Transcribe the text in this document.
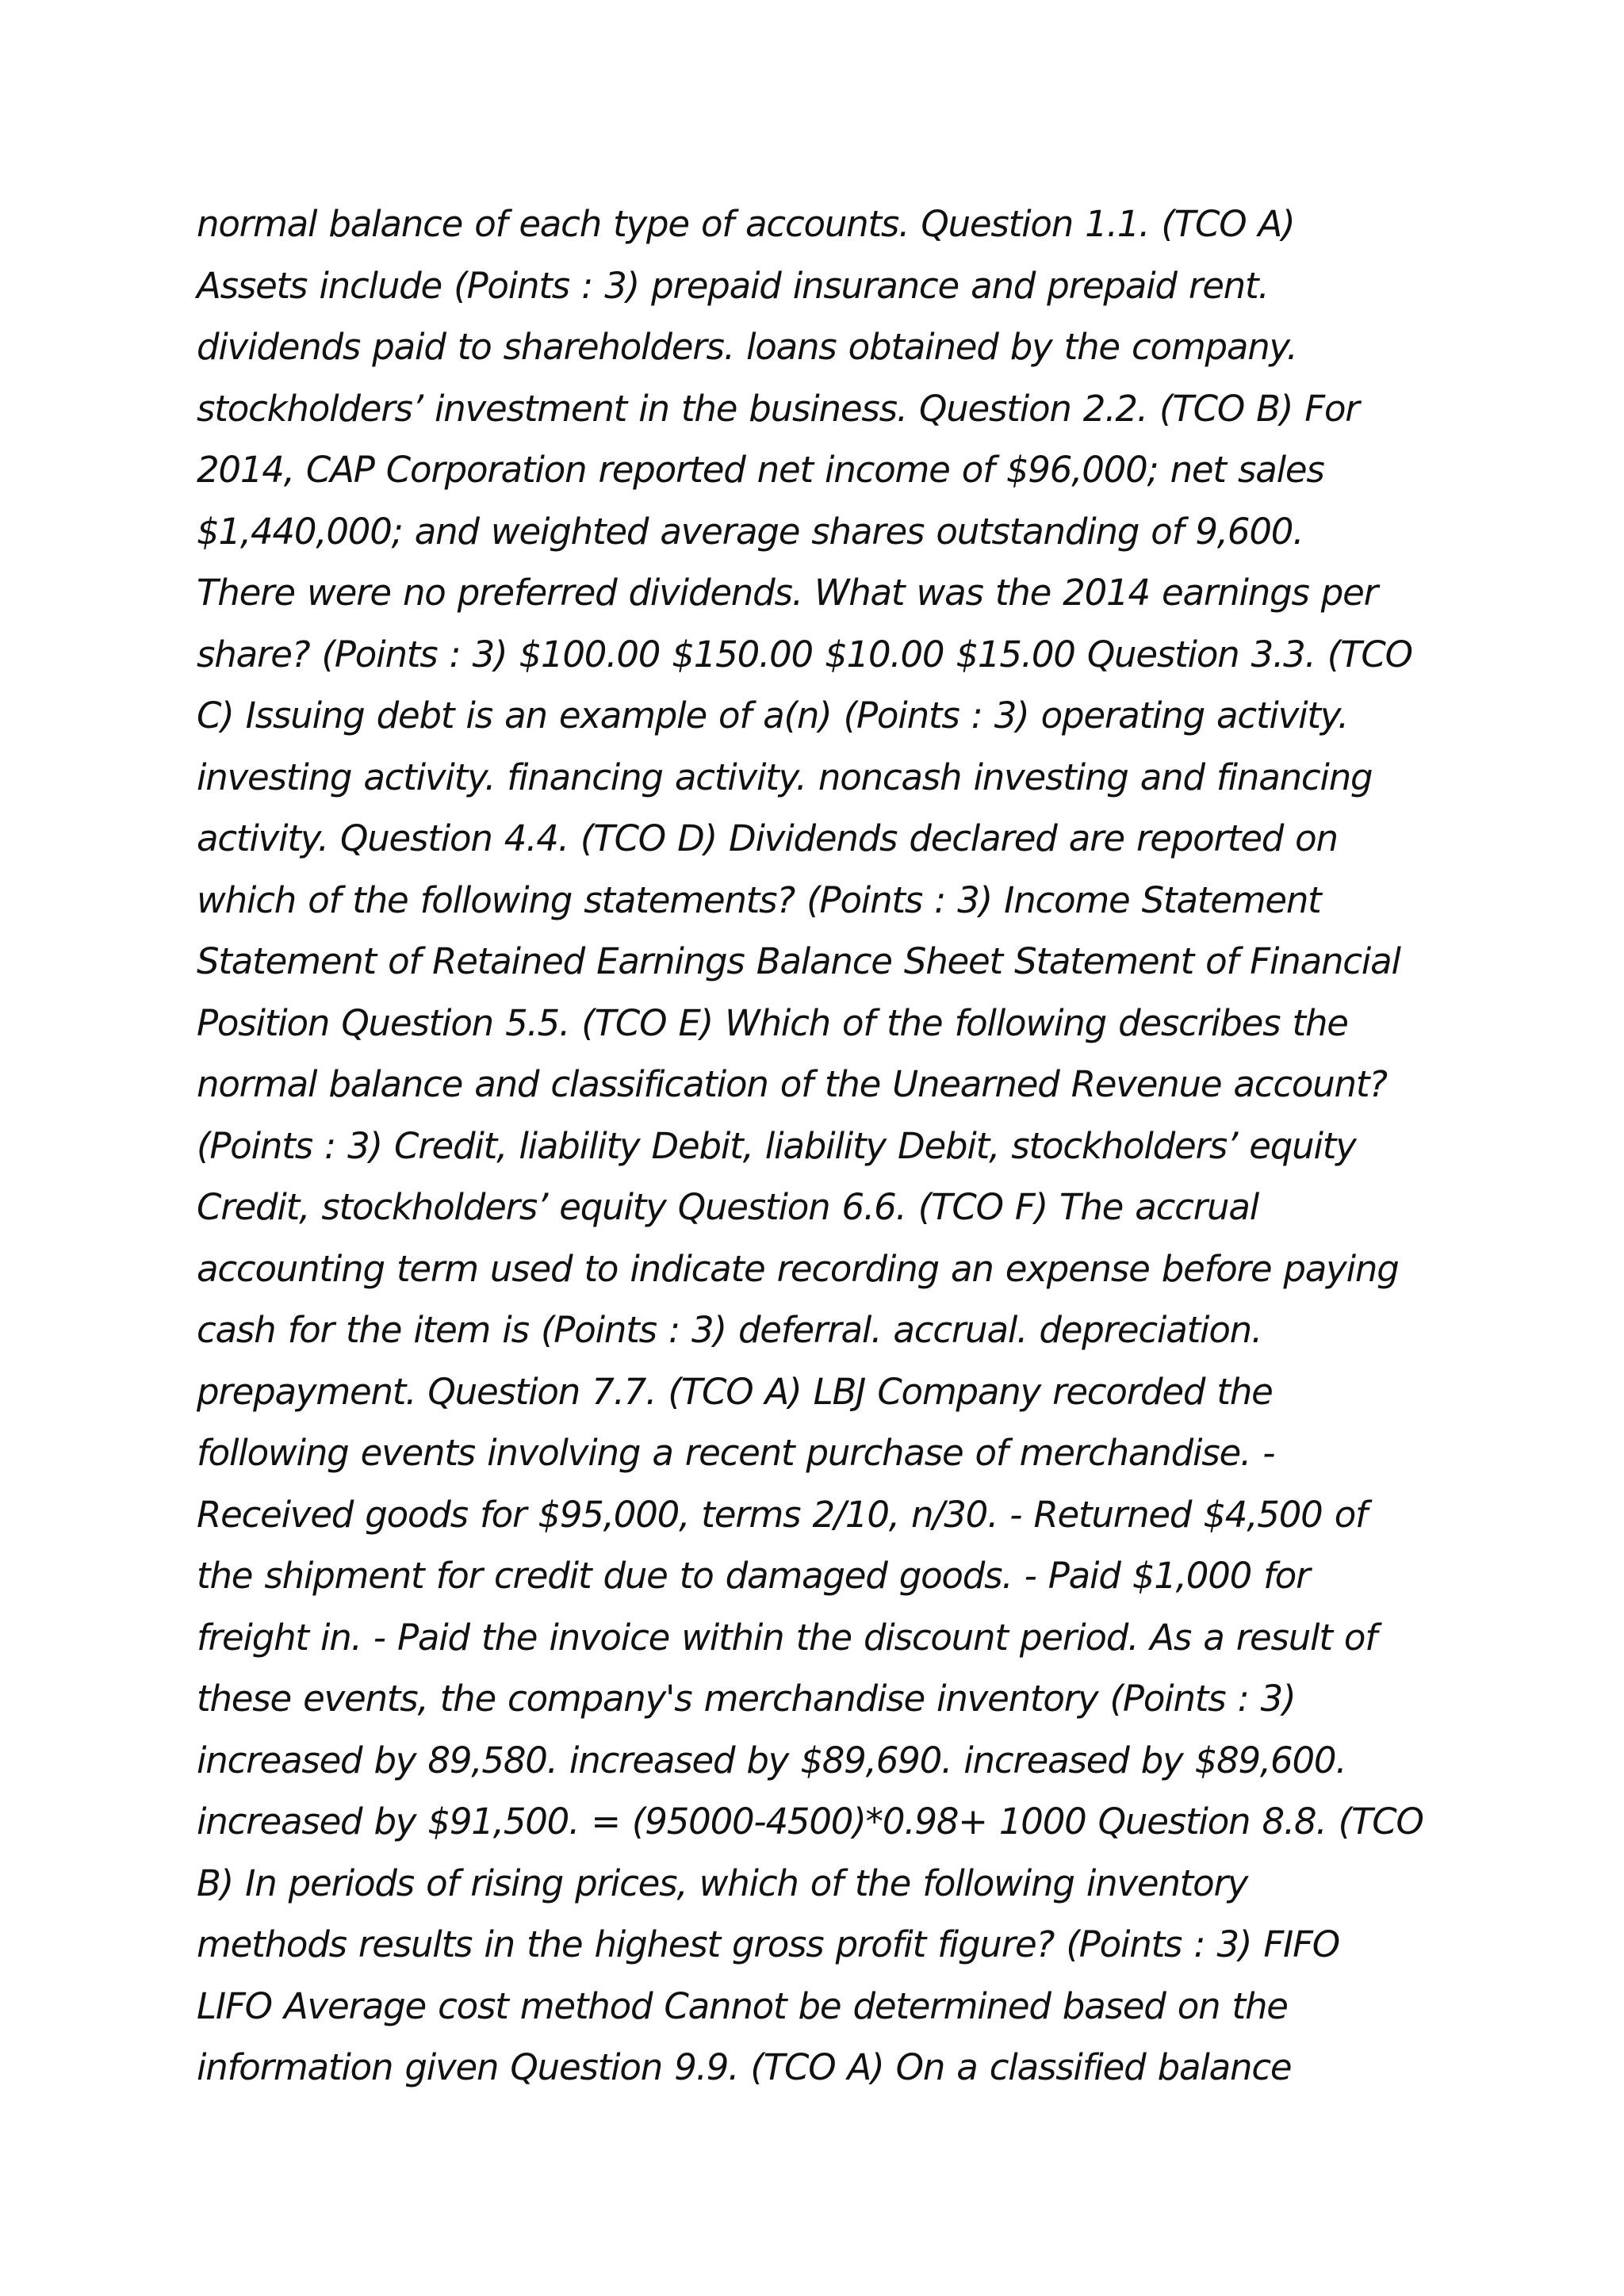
normal balance of each type of accounts. Question 1.1. (TCO A)
Assets include (Points : 3) prepaid insurance and prepaid rent.
dividends paid to shareholders. loans obtained by the company.
stockholders’ investment in the business. Question 2.2. (TCO B) For
2014, CAP Corporation reported net income of $96,000; net sales
$1,440,000; and weighted average shares outstanding of 9,600.
There were no preferred dividends. What was the 2014 earnings per
share? (Points : 3) $100.00 $150.00 $10.00 $15.00 Question 3.3. (TCO
C) Issuing debt is an example of a(n) (Points : 3) operating activity.
investing activity. financing activity. noncash investing and financing
activity. Question 4.4. (TCO D) Dividends declared are reported on
which of the following statements? (Points : 3) Income Statement
Statement of Retained Earnings Balance Sheet Statement of Financial
Position Question 5.5. (TCO E) Which of the following describes the
normal balance and classification of the Unearned Revenue account?
(Points : 3) Credit, liability Debit, liability Debit, stockholders’ equity
Credit, stockholders’ equity Question 6.6. (TCO F) The accrual
accounting term used to indicate recording an expense before paying
cash for the item is (Points : 3) deferral. accrual. depreciation.
prepayment. Question 7.7. (TCO A) LBJ Company recorded the
following events involving a recent purchase of merchandise. -
Received goods for $95,000, terms 2/10, n/30. - Returned $4,500 of
the shipment for credit due to damaged goods. - Paid $1,000 for
freight in. - Paid the invoice within the discount period. As a result of
these events, the company's merchandise inventory (Points : 3)
increased by 89,580. increased by $89,690. increased by $89,600.
increased by $91,500. = (95000-4500)*0.98+ 1000 Question 8.8. (TCO
B) In periods of rising prices, which of the following inventory
methods results in the highest gross profit figure? (Points : 3) FIFO
LIFO Average cost method Cannot be determined based on the
information given Question 9.9. (TCO A) On a classified balance
